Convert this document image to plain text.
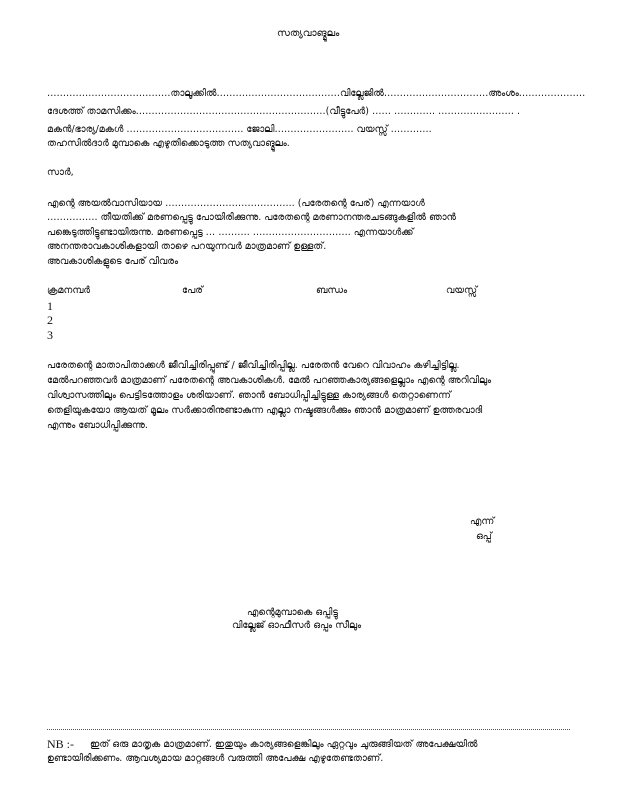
സത്യവാങ്മൂലം
…………………………………താലൂക്കിൽ…………………………………വില്ലേജിൽ……………………………അംശം…………………
ദേശത്ത് താമസിക്കം……………………………………………………(വീട്ടുപേർ) …… …………. …………………… .
മകൻ/ഭാര്യ/മകൾ ………………………………. ജോലി……………………. വയസ്സ് ………….
തഹസിൽദാർ മുമ്പാകെ എഴുതിക്കൊടുത്ത സത്യവാങ്മൂലം.
സാർ,
എന്റെ അയൽവാസിയായ ………………………………….. (പരേതന്റെ പേര്) എന്നയാൾ
……………. തീയതിക്ക് മരണപ്പെട്ടു പോയിരിക്കുന്നു. പരേതന്റെ മരണാനന്തരചടങ്ങുകളിൽ ഞാൻ
പങ്കെടുത്തിട്ടുണ്ടായിരുന്നു. മരണപ്പെട്ട … ………. …………………………. എന്നയാൾക്ക്
അനന്തരാവകാശികളായി താഴെ പറയുന്നവർ മാത്രമാണ് ഉള്ളത്.
അവകാശികളുടെ പേര് വിവരം
ക്രമനമ്പർ	പേര്	ബന്ധം	വയസ്സ്
1
2
3
പരേതന്റെ മാതാപിതാക്കൾ ജീവിച്ചിരിപ്പുണ്ട് / ജീവിച്ചിരിപ്പില്ല. പരേതൻ വേറെ വിവാഹം കഴിച്ചിട്ടില്ല.
മേൽപറഞ്ഞവർ മാത്രമാണ് പരേതന്റെ അവകാശികൾ. മേൽ പറഞ്ഞകാര്യങ്ങളെല്ലാം എന്റെ അറിവിലും
വിശ്വാസത്തിലും പെട്ടിടത്തോളം ശരിയാണ്. ഞാൻ ബോധിപ്പിച്ചിട്ടുള്ള കാര്യങ്ങൾ തെറ്റാണെന്ന്
തെളിയുകയോ ആയത് മൂലം സർക്കാരിനുണ്ടാകുന്ന എല്ലാ നഷ്ടങ്ങൾക്കും ഞാൻ മാത്രമാണ് ഉത്തരവാദി
എന്നും ബോധിപ്പിക്കുന്നു.
എന്ന്
ഒപ്പ്
എന്റെമുമ്പാകെ ഒപ്പിട്ടു
വില്ലേജ് ഓഫീസർ ഒപ്പം സീലും
NB :- ഇത് ഒരു മാതൃക മാത്രമാണ്. ഇതുയും കാര്യങ്ങളെങ്കിലും ഏറ്റവും ചുരുങ്ങിയത് അപേക്ഷയിൽ
ഉണ്ടായിരിക്കണം. ആവശ്യമായ മാറ്റങ്ങൾ വരുത്തി അപേക്ഷ എഴുതേണ്ടതാണ്.
